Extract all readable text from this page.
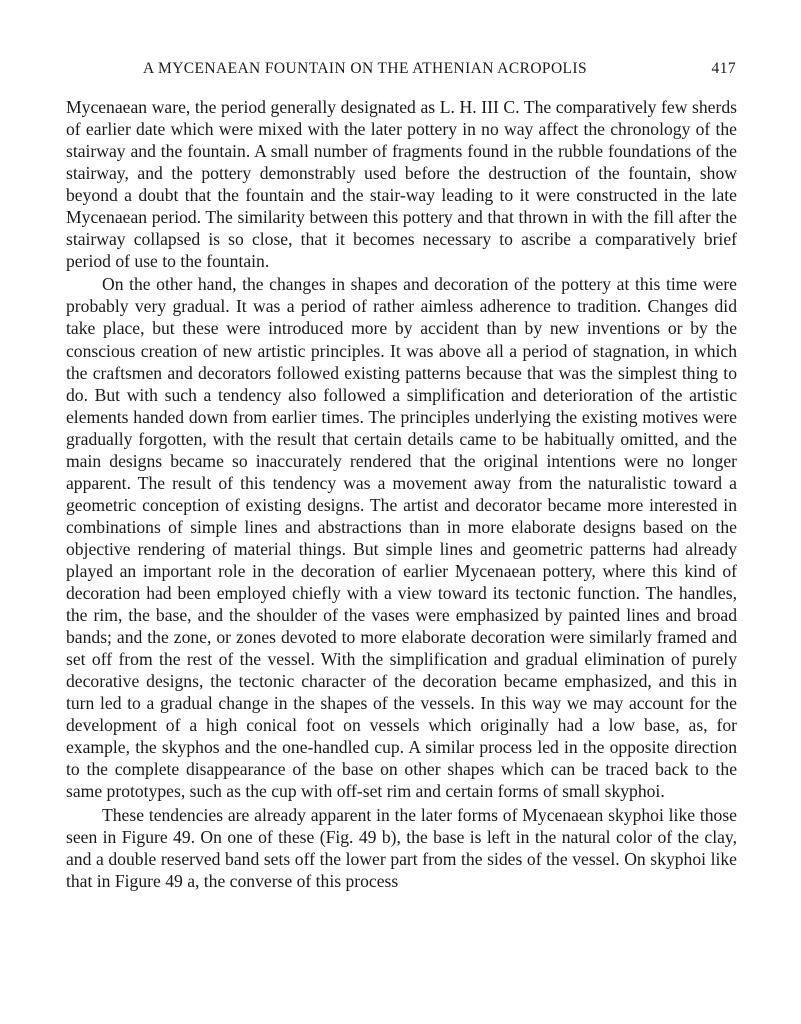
A MYCENAEAN FOUNTAIN ON THE ATHENIAN ACROPOLIS	417

Mycenaean ware, the period generally designated as L. H. III C. The comparatively few sherds of earlier date which were mixed with the later pottery in no way affect the chronology of the stairway and the fountain. A small number of fragments found in the rubble foundations of the stairway, and the pottery demonstrably used before the destruction of the fountain, show beyond a doubt that the fountain and the stair-way leading to it were constructed in the late Mycenaean period. The similarity between this pottery and that thrown in with the fill after the stairway collapsed is so close, that it becomes necessary to ascribe a comparatively brief period of use to the fountain.

On the other hand, the changes in shapes and decoration of the pottery at this time were probably very gradual. It was a period of rather aimless adherence to tradition. Changes did take place, but these were introduced more by accident than by new inventions or by the conscious creation of new artistic principles. It was above all a period of stagnation, in which the craftsmen and decorators followed existing patterns because that was the simplest thing to do. But with such a tendency also followed a simplification and deterioration of the artistic elements handed down from earlier times. The principles underlying the existing motives were gradually forgotten, with the result that certain details came to be habitually omitted, and the main designs became so inaccurately rendered that the original intentions were no longer apparent. The result of this tendency was a movement away from the naturalistic toward a geometric conception of existing designs. The artist and decorator became more interested in combinations of simple lines and abstractions than in more elaborate designs based on the objective rendering of material things. But simple lines and geometric patterns had already played an important role in the decoration of earlier Mycenaean pottery, where this kind of decoration had been employed chiefly with a view toward its tectonic function. The handles, the rim, the base, and the shoulder of the vases were emphasized by painted lines and broad bands; and the zone, or zones devoted to more elaborate decoration were similarly framed and set off from the rest of the vessel. With the simplification and gradual elimination of purely decorative designs, the tectonic character of the decoration became emphasized, and this in turn led to a gradual change in the shapes of the vessels. In this way we may account for the development of a high conical foot on vessels which originally had a low base, as, for example, the skyphos and the one-handled cup. A similar process led in the opposite direction to the complete disappearance of the base on other shapes which can be traced back to the same prototypes, such as the cup with off-set rim and certain forms of small skyphoi.

These tendencies are already apparent in the later forms of Mycenaean skyphoi like those seen in Figure 49. On one of these (Fig. 49 b), the base is left in the natural color of the clay, and a double reserved band sets off the lower part from the sides of the vessel. On skyphoi like that in Figure 49 a, the converse of this process
